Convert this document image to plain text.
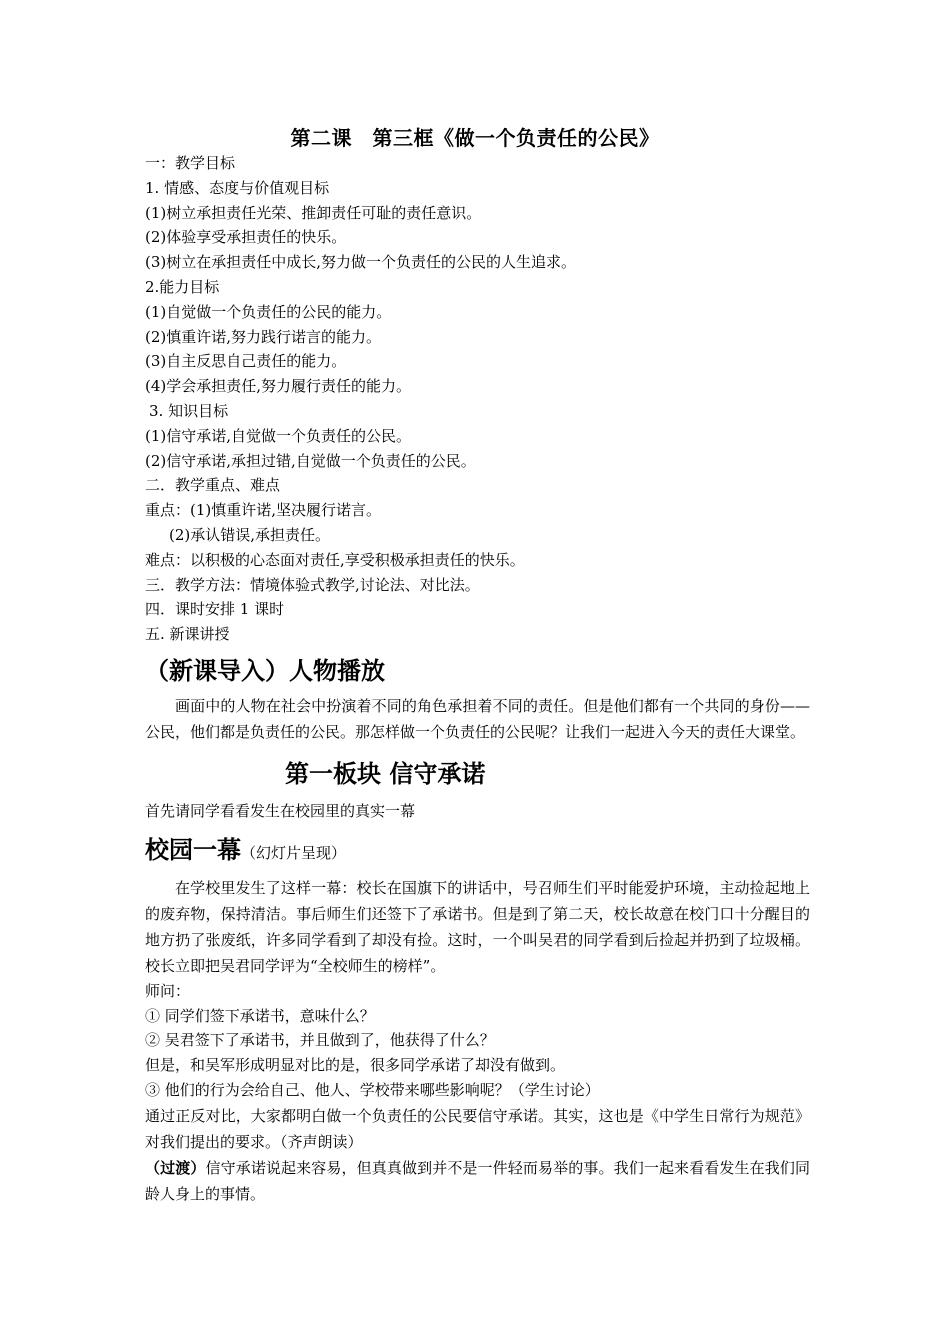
第二课　第三框《做一个负责任的公民》
一：教学目标
1. 情感、态度与价值观目标
(1)树立承担责任光荣、推卸责任可耻的责任意识。
(2)体验享受承担责任的快乐。
(3)树立在承担责任中成长,努力做一个负责任的公民的人生追求。
2.能力目标
(1)自觉做一个负责任的公民的能力。
(2)慎重许诺,努力践行诺言的能力。
(3)自主反思自己责任的能力。
(4)学会承担责任,努力履行责任的能力。
3. 知识目标
(1)信守承诺,自觉做一个负责任的公民。
(2)信守承诺,承担过错,自觉做一个负责任的公民。
二．教学重点、难点
重点：(1)慎重许诺,坚决履行诺言。
(2)承认错误,承担责任。
难点：以积极的心态面对责任,享受积极承担责任的快乐。
三．教学方法：情境体验式教学,讨论法、对比法。
四．课时安排 1 课时
五. 新课讲授
（新课导入）人物播放
画面中的人物在社会中扮演着不同的角色承担着不同的责任。但是他们都有一个共同的身份——公民，他们都是负责任的公民。那怎样做一个负责任的公民呢？让我们一起进入今天的责任大课堂。
第一板块 信守承诺
首先请同学看看发生在校园里的真实一幕
校园一幕（幻灯片呈现）
在学校里发生了这样一幕：校长在国旗下的讲话中，号召师生们平时能爱护环境，主动捡起地上的废弃物，保持清洁。事后师生们还签下了承诺书。但是到了第二天，校长故意在校门口十分醒目的地方扔了张废纸，许多同学看到了却没有捡。这时，一个叫吴君的同学看到后捡起并扔到了垃圾桶。校长立即把吴君同学评为“全校师生的榜样”。
师问：
① 同学们签下承诺书，意味什么？
② 吴君签下了承诺书，并且做到了，他获得了什么？
但是，和吴军形成明显对比的是，很多同学承诺了却没有做到。
③ 他们的行为会给自己、他人、学校带来哪些影响呢？（学生讨论）
通过正反对比，大家都明白做一个负责任的公民要信守承诺。其实，这也是《中学生日常行为规范》对我们提出的要求。（齐声朗读）
（过渡）信守承诺说起来容易，但真真做到并不是一件轻而易举的事。我们一起来看看发生在我们同龄人身上的事情。
